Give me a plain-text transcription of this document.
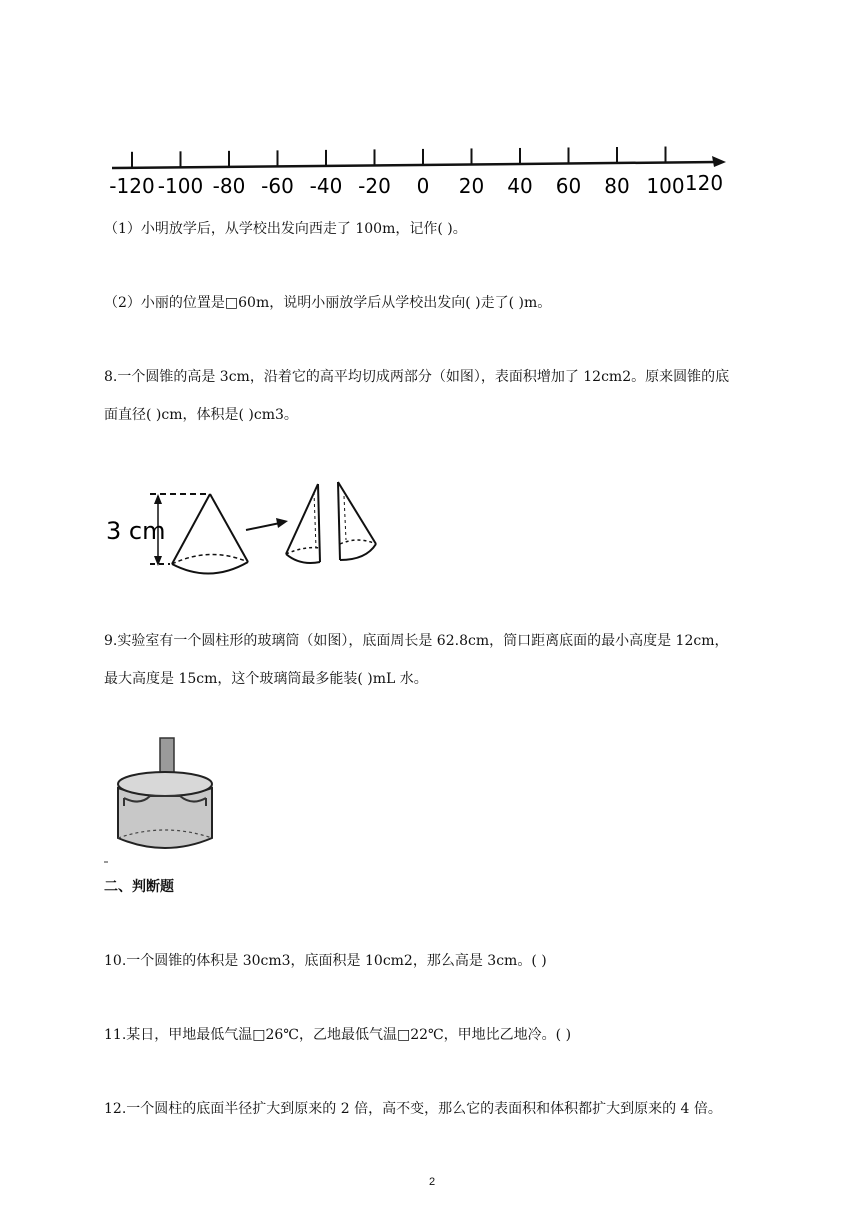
-120 -100 -80 -60 -40 -20 0 20 40 60 80 100 120
（1）小明放学后，从学校出发向西走了 100m，记作( )。
（2）小丽的位置是□60m，说明小丽放学后从学校出发向( )走了( )m。
8.一个圆锥的高是 3cm，沿着它的高平均切成两部分（如图），表面积增加了 12cm2。原来圆锥的底
面直径( )cm，体积是( )cm3。
3 cm
9.实验室有一个圆柱形的玻璃筒（如图），底面周长是 62.8cm，筒口距离底面的最小高度是 12cm，
最大高度是 15cm，这个玻璃筒最多能装( )mL 水。
二、判断题
10.一个圆锥的体积是 30cm3，底面积是 10cm2，那么高是 3cm。( )
11.某日，甲地最低气温□26℃，乙地最低气温□22℃，甲地比乙地冷。( )
12.一个圆柱的底面半径扩大到原来的 2 倍，高不变，那么它的表面积和体积都扩大到原来的 4 倍。
2
